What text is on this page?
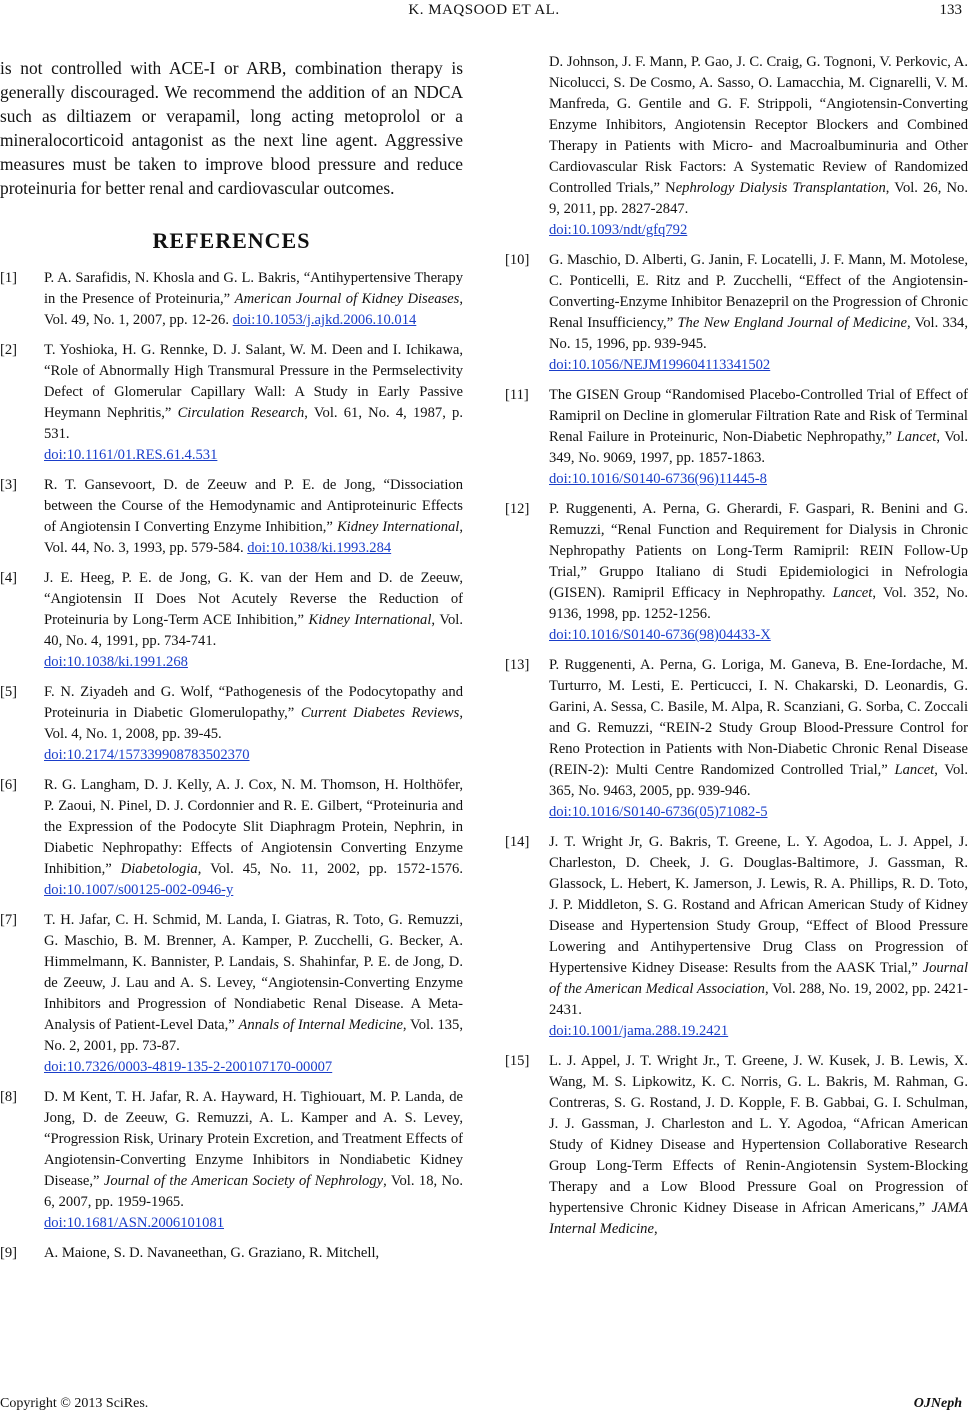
K. MAQSOOD ET AL.	133

is not controlled with ACE-I or ARB, combination therapy is generally discouraged. We recommend the addition of an NDCA such as diltiazem or verapamil, long acting metoprolol or a mineralocorticoid antagonist as the next line agent. Aggressive measures must be taken to improve blood pressure and reduce proteinuria for better renal and cardiovascular outcomes.

REFERENCES
[1]	P. A. Sarafidis, N. Khosla and G. L. Bakris, “Antihypertensive Therapy in the Presence of Proteinuria,” American Journal of Kidney Diseases, Vol. 49, No. 1, 2007, pp. 12-26. doi:10.1053/j.ajkd.2006.10.014
[2]	T. Yoshioka, H. G. Rennke, D. J. Salant, W. M. Deen and I. Ichikawa, “Role of Abnormally High Transmural Pressure in the Permselectivity Defect of Glomerular Capillary Wall: A Study in Early Passive Heymann Nephritis,” Circulation Research, Vol. 61, No. 4, 1987, p. 531.
doi:10.1161/01.RES.61.4.531
[3]	R. T. Gansevoort, D. de Zeeuw and P. E. de Jong, “Dissociation between the Course of the Hemodynamic and Antiproteinuric Effects of Angiotensin I Converting Enzyme Inhibition,” Kidney International, Vol. 44, No. 3, 1993, pp. 579-584. doi:10.1038/ki.1993.284
[4]	J. E. Heeg, P. E. de Jong, G. K. van der Hem and D. de Zeeuw, “Angiotensin II Does Not Acutely Reverse the Reduction of Proteinuria by Long-Term ACE Inhibition,” Kidney International, Vol. 40, No. 4, 1991, pp. 734-741.
doi:10.1038/ki.1991.268
[5]	F. N. Ziyadeh and G. Wolf, “Pathogenesis of the Podocytopathy and Proteinuria in Diabetic Glomerulopathy,” Current Diabetes Reviews, Vol. 4, No. 1, 2008, pp. 39-45.
doi:10.2174/157339908783502370
[6]	R. G. Langham, D. J. Kelly, A. J. Cox, N. M. Thomson, H. Holthöfer, P. Zaoui, N. Pinel, D. J. Cordonnier and R. E. Gilbert, “Proteinuria and the Expression of the Podocyte Slit Diaphragm Protein, Nephrin, in Diabetic Nephropathy: Effects of Angiotensin Converting Enzyme Inhibition,” Diabetologia, Vol. 45, No. 11, 2002, pp. 1572-1576. doi:10.1007/s00125-002-0946-y
[7]	T. H. Jafar, C. H. Schmid, M. Landa, I. Giatras, R. Toto, G. Remuzzi, G. Maschio, B. M. Brenner, A. Kamper, P. Zucchelli, G. Becker, A. Himmelmann, K. Bannister, P. Landais, S. Shahinfar, P. E. de Jong, D. de Zeeuw, J. Lau and A. S. Levey, “Angiotensin-Converting Enzyme Inhibitors and Progression of Nondiabetic Renal Disease. A Meta-Analysis of Patient-Level Data,” Annals of Internal Medicine, Vol. 135, No. 2, 2001, pp. 73-87.
doi:10.7326/0003-4819-135-2-200107170-00007
[8]	D. M Kent, T. H. Jafar, R. A. Hayward, H. Tighiouart, M. P. Landa, de Jong, D. de Zeeuw, G. Remuzzi, A. L. Kamper and A. S. Levey, “Progression Risk, Urinary Protein Excretion, and Treatment Effects of Angiotensin-Converting Enzyme Inhibitors in Nondiabetic Kidney Disease,” Journal of the American Society of Nephrology, Vol. 18, No. 6, 2007, pp. 1959-1965.
doi:10.1681/ASN.2006101081
[9]	A. Maione, S. D. Navaneethan, G. Graziano, R. Mitchell,
D. Johnson, J. F. Mann, P. Gao, J. C. Craig, G. Tognoni, V. Perkovic, A. Nicolucci, S. De Cosmo, A. Sasso, O. Lamacchia, M. Cignarelli, V. M. Manfreda, G. Gentile and G. F. Strippoli, “Angiotensin-Converting Enzyme Inhibitors, Angiotensin Receptor Blockers and Combined Therapy in Patients with Micro- and Macroalbuminuria and Other Cardiovascular Risk Factors: A Systematic Review of Randomized Controlled Trials,” Nephrology Dialysis Transplantation, Vol. 26, No. 9, 2011, pp. 2827-2847.
doi:10.1093/ndt/gfq792
[10]	G. Maschio, D. Alberti, G. Janin, F. Locatelli, J. F. Mann, M. Motolese, C. Ponticelli, E. Ritz and P. Zucchelli, “Effect of the Angiotensin-Converting-Enzyme Inhibitor Benazepril on the Progression of Chronic Renal Insufficiency,” The New England Journal of Medicine, Vol. 334, No. 15, 1996, pp. 939-945.
doi:10.1056/NEJM199604113341502
[11]	The GISEN Group “Randomised Placebo-Controlled Trial of Effect of Ramipril on Decline in glomerular Filtration Rate and Risk of Terminal Renal Failure in Proteinuric, Non-Diabetic Nephropathy,” Lancet, Vol. 349, No. 9069, 1997, pp. 1857-1863.
doi:10.1016/S0140-6736(96)11445-8
[12]	P. Ruggenenti, A. Perna, G. Gherardi, F. Gaspari, R. Benini and G. Remuzzi, “Renal Function and Requirement for Dialysis in Chronic Nephropathy Patients on Long-Term Ramipril: REIN Follow-Up Trial,” Gruppo Italiano di Studi Epidemiologici in Nefrologia (GISEN). Ramipril Efficacy in Nephropathy. Lancet, Vol. 352, No. 9136, 1998, pp. 1252-1256.
doi:10.1016/S0140-6736(98)04433-X
[13]	P. Ruggenenti, A. Perna, G. Loriga, M. Ganeva, B. Ene-Iordache, M. Turturro, M. Lesti, E. Perticucci, I. N. Chakarski, D. Leonardis, G. Garini, A. Sessa, C. Basile, M. Alpa, R. Scanziani, G. Sorba, C. Zoccali and G. Remuzzi, “REIN-2 Study Group Blood-Pressure Control for Reno Protection in Patients with Non-Diabetic Chronic Renal Disease (REIN-2): Multi Centre Randomized Controlled Trial,” Lancet, Vol. 365, No. 9463, 2005, pp. 939-946.
doi:10.1016/S0140-6736(05)71082-5
[14]	J. T. Wright Jr, G. Bakris, T. Greene, L. Y. Agodoa, L. J. Appel, J. Charleston, D. Cheek, J. G. Douglas-Baltimore, J. Gassman, R. Glassock, L. Hebert, K. Jamerson, J. Lewis, R. A. Phillips, R. D. Toto, J. P. Middleton, S. G. Rostand and African American Study of Kidney Disease and Hypertension Study Group, “Effect of Blood Pressure Lowering and Antihypertensive Drug Class on Progression of Hypertensive Kidney Disease: Results from the AASK Trial,” Journal of the American Medical Association, Vol. 288, No. 19, 2002, pp. 2421-2431.
doi:10.1001/jama.288.19.2421
[15]	L. J. Appel, J. T. Wright Jr., T. Greene, J. W. Kusek, J. B. Lewis, X. Wang, M. S. Lipkowitz, K. C. Norris, G. L. Bakris, M. Rahman, G. Contreras, S. G. Rostand, J. D. Kopple, F. B. Gabbai, G. I. Schulman, J. J. Gassman, J. Charleston and L. Y. Agodoa, “African American Study of Kidney Disease and Hypertension Collaborative Research Group Long-Term Effects of Renin-Angiotensin System-Blocking Therapy and a Low Blood Pressure Goal on Progression of hypertensive Chronic Kidney Disease in African Americans,” JAMA Internal Medicine,
Copyright © 2013 SciRes.	OJNeph
